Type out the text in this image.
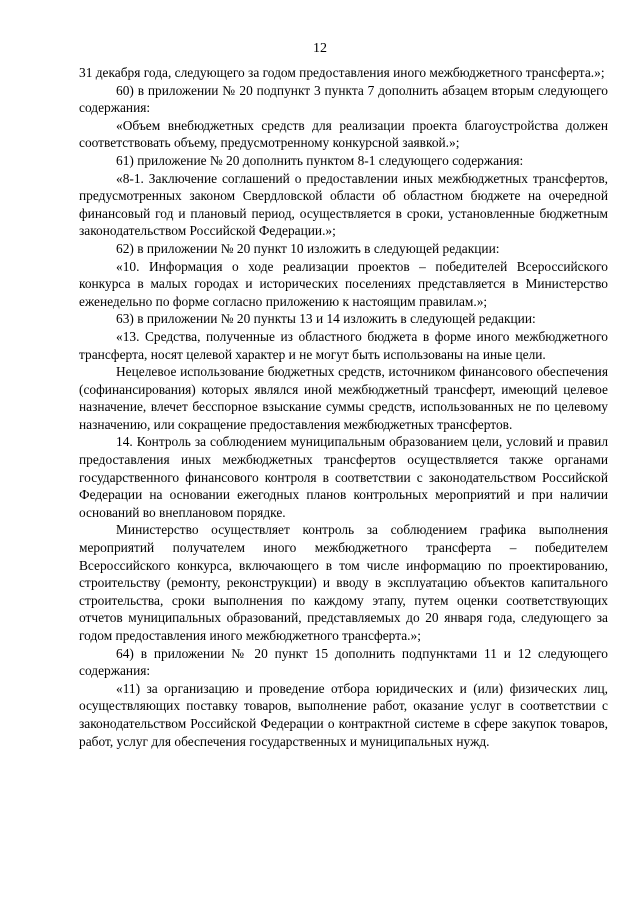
12

31 декабря года, следующего за годом предоставления иного межбюджетного трансферта.»;

60) в приложении № 20 подпункт 3 пункта 7 дополнить абзацем вторым следующего содержания:

«Объем внебюджетных средств для реализации проекта благоустройства должен соответствовать объему, предусмотренному конкурсной заявкой.»;

61) приложение № 20 дополнить пунктом 8-1 следующего содержания:

«8-1. Заключение соглашений о предоставлении иных межбюджетных трансфертов, предусмотренных законом Свердловской области об областном бюджете на очередной финансовый год и плановый период, осуществляется в сроки, установленные бюджетным законодательством Российской Федерации.»;

62) в приложении № 20 пункт 10 изложить в следующей редакции:

«10. Информация о ходе реализации проектов – победителей Всероссийского конкурса в малых городах и исторических поселениях представляется в Министерство еженедельно по форме согласно приложению к настоящим правилам.»;

63) в приложении № 20 пункты 13 и 14 изложить в следующей редакции:

«13. Средства, полученные из областного бюджета в форме иного межбюджетного трансферта, носят целевой характер и не могут быть использованы на иные цели.

Нецелевое использование бюджетных средств, источником финансового обеспечения (софинансирования) которых являлся иной межбюджетный трансферт, имеющий целевое назначение, влечет бесспорное взыскание суммы средств, использованных не по целевому назначению, или сокращение предоставления межбюджетных трансфертов.

14. Контроль за соблюдением муниципальным образованием цели, условий и правил предоставления иных межбюджетных трансфертов осуществляется также органами государственного финансового контроля в соответствии с законодательством Российской Федерации на основании ежегодных планов контрольных мероприятий и при наличии оснований во внеплановом порядке.

Министерство осуществляет контроль за соблюдением графика выполнения мероприятий получателем иного межбюджетного трансферта – победителем Всероссийского конкурса, включающего в том числе информацию по проектированию, строительству (ремонту, реконструкции) и вводу в эксплуатацию объектов капитального строительства, сроки выполнения по каждому этапу, путем оценки соответствующих отчетов муниципальных образований, представляемых до 20 января года, следующего за годом предоставления иного межбюджетного трансферта.»;

64) в приложении № 20 пункт 15 дополнить подпунктами 11 и 12 следующего содержания:

«11) за организацию и проведение отбора юридических и (или) физических лиц, осуществляющих поставку товаров, выполнение работ, оказание услуг в соответствии с законодательством Российской Федерации о контрактной системе в сфере закупок товаров, работ, услуг для обеспечения государственных и муниципальных нужд.
